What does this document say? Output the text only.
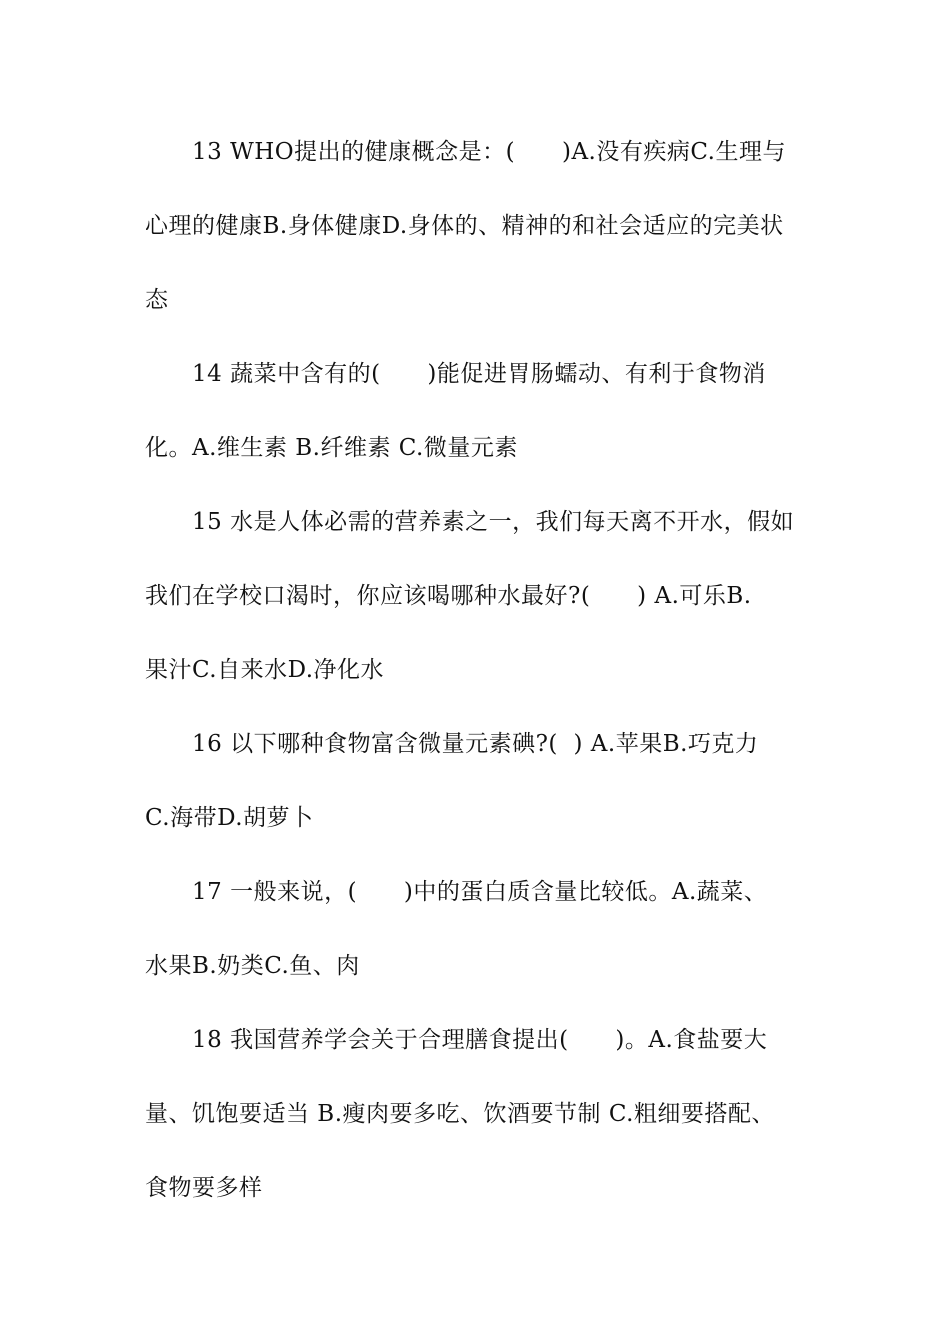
13 WHO提出的健康概念是：(      )A.没有疾病C.生理与
心理的健康B.身体健康D.身体的、精神的和社会适应的完美状
态
14 蔬菜中含有的(      )能促进胃肠蠕动、有利于食物消
化。A.维生素 B.纤维素 C.微量元素
15 水是人体必需的营养素之一，我们每天离不开水，假如
我们在学校口渴时，你应该喝哪种水最好?(      ) A.可乐B.
果汁C.自来水D.净化水
16 以下哪种食物富含微量元素碘?(  ) A.苹果B.巧克力
C.海带D.胡萝卜
17 一般来说，(      )中的蛋白质含量比较低。A.蔬菜、
水果B.奶类C.鱼、肉
18 我国营养学会关于合理膳食提出(      )。A.食盐要大
量、饥饱要适当 B.瘦肉要多吃、饮酒要节制 C.粗细要搭配、
食物要多样
